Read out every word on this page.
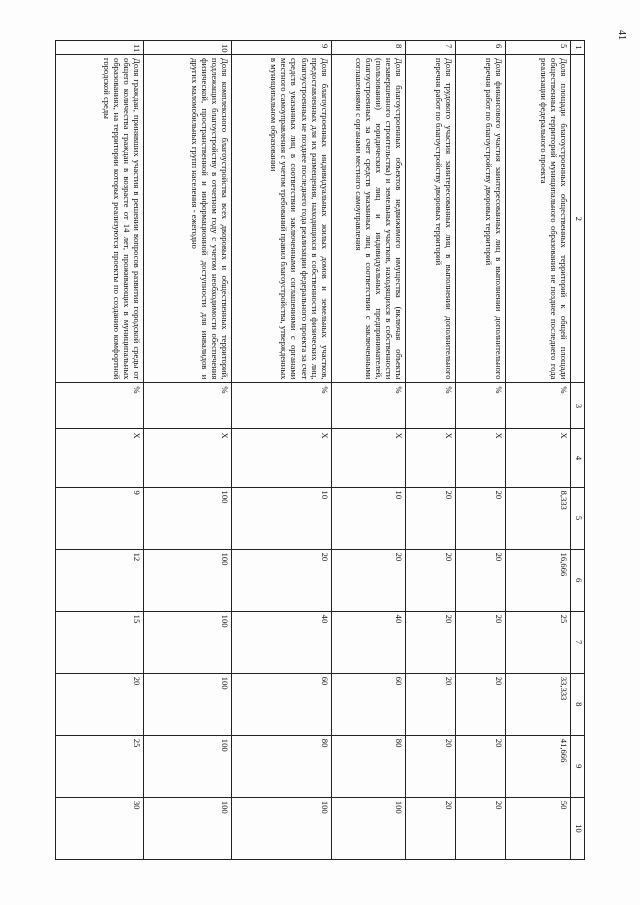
41
1	2	3	4	5	6	7	8	9	10
5	Доля площади благоустроенных общественных территорий к общей площади общественных территорий муниципального образования не позднее последнего года реализации федерального проекта	%	X	8,333	16,666	25	33,333	41,666	50
6	Доля финансового участия заинтересованных лиц в выполнении дополнительного перечня работ по благоустройству дворовых территорий	%	X	20	20	20	20	20	20
7	Доля трудового участия заинтересованных лиц в выполнении дополнительного перечня работ по благоустройству дворовых территорий	%	X	20	20	20	20	20	20
8	Доля благоустроенных объектов недвижимого имущества (включая объекты незавершенного строительства) и земельных участков, находящихся в собственности (пользовании) юридических лиц и индивидуальных предпринимателей, благоустроенных за счет средств указанных лиц в соответствии с заключенными соглашениями с органами местного самоуправления	%	X	10	20	40	60	80	100
9	Доля благоустроенных индивидуальных жилых домов и земельных участков, предоставленных для их размещения, находящихся в собственности физических лиц, благоустроенных не позднее последнего года реализации федерального проекта за счет средств указанных лиц в соответствии заключенными соглашениями с органами местного самоуправления с учетом требований правил благоустройства, утвержденных в муниципальном образовании	%	X	10	20	40	60	80	100
10	Доля комплексного благоустройства всех дворовых и общественных территорий, подлежащих благоустройству в отчетном году с учетом необходимости обеспечения физической, пространственной и информационной доступности для инвалидов и других маломобильных групп населения - ежегодно	%	X	100	100	100	100	100	100
11	Доля граждан, принявших участия в решении вопросов развития городской среды от общего количества граждан в возрасте от 14 лет, проживающих в муниципальных образованиях, на территории которых реализуются проекты по созданию комфортной городской среды	%	X	9	12	15	20	25	30
